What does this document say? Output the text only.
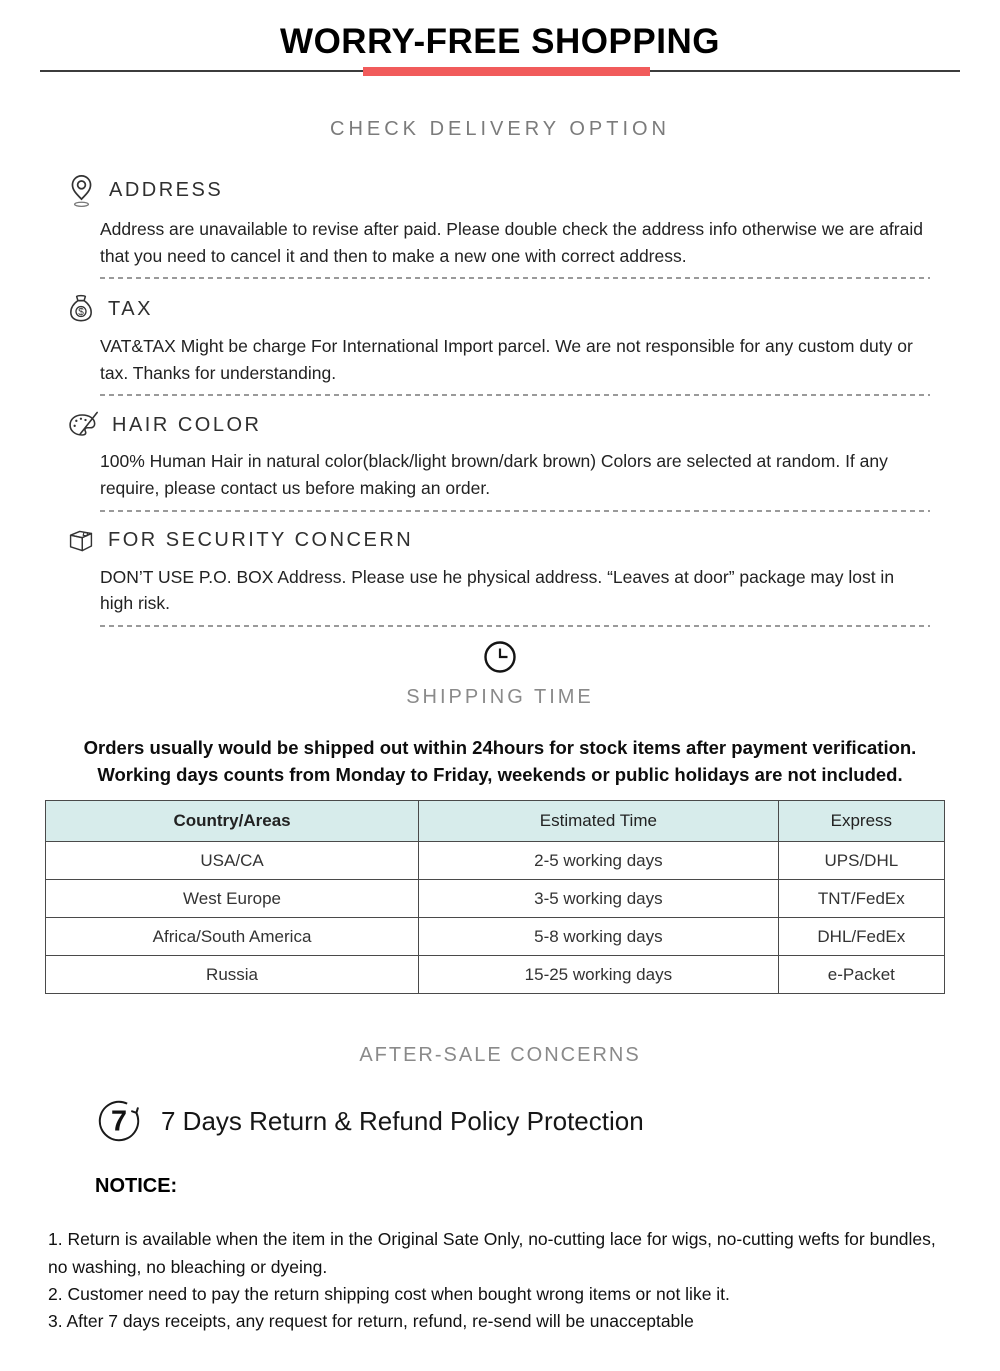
WORRY-FREE SHOPPING
CHECK DELIVERY OPTION
ADDRESS
Address are unavailable to revise after paid. Please double check the address info otherwise we are afraid that you need to cancel it and then to make a new one with correct address.
$ TAX
VAT&TAX Might be charge For International Import parcel. We are not responsible for any custom duty or tax. Thanks for understanding.
HAIR COLOR
100% Human Hair in natural color(black/light brown/dark brown) Colors are selected at random. If any require, please contact us before making an order.
FOR SECURITY CONCERN
DON’T USE P.O. BOX Address. Please use he physical address. “Leaves at door” package may lost in high risk.
SHIPPING TIME
Orders usually would be shipped out within 24hours for stock items after payment verification.
Working days counts from Monday to Friday, weekends or public holidays are not included.
Country/Areas	Estimated Time	Express
USA/CA	2-5 working days	UPS/DHL
West Europe	3-5 working days	TNT/FedEx
Africa/South America	5-8 working days	DHL/FedEx
Russia	15-25 working days	e-Packet
AFTER-SALE CONCERNS
7 7 Days Return & Refund Policy Protection
NOTICE:

1. Return is available when the item in the Original Sate Only, no-cutting lace for wigs, no-cutting wefts for bundles, no washing, no bleaching or dyeing.

2. Customer need to pay the return shipping cost when bought wrong items or not like it.

3. After 7 days receipts, any request for return, refund, re-send will be unacceptable
